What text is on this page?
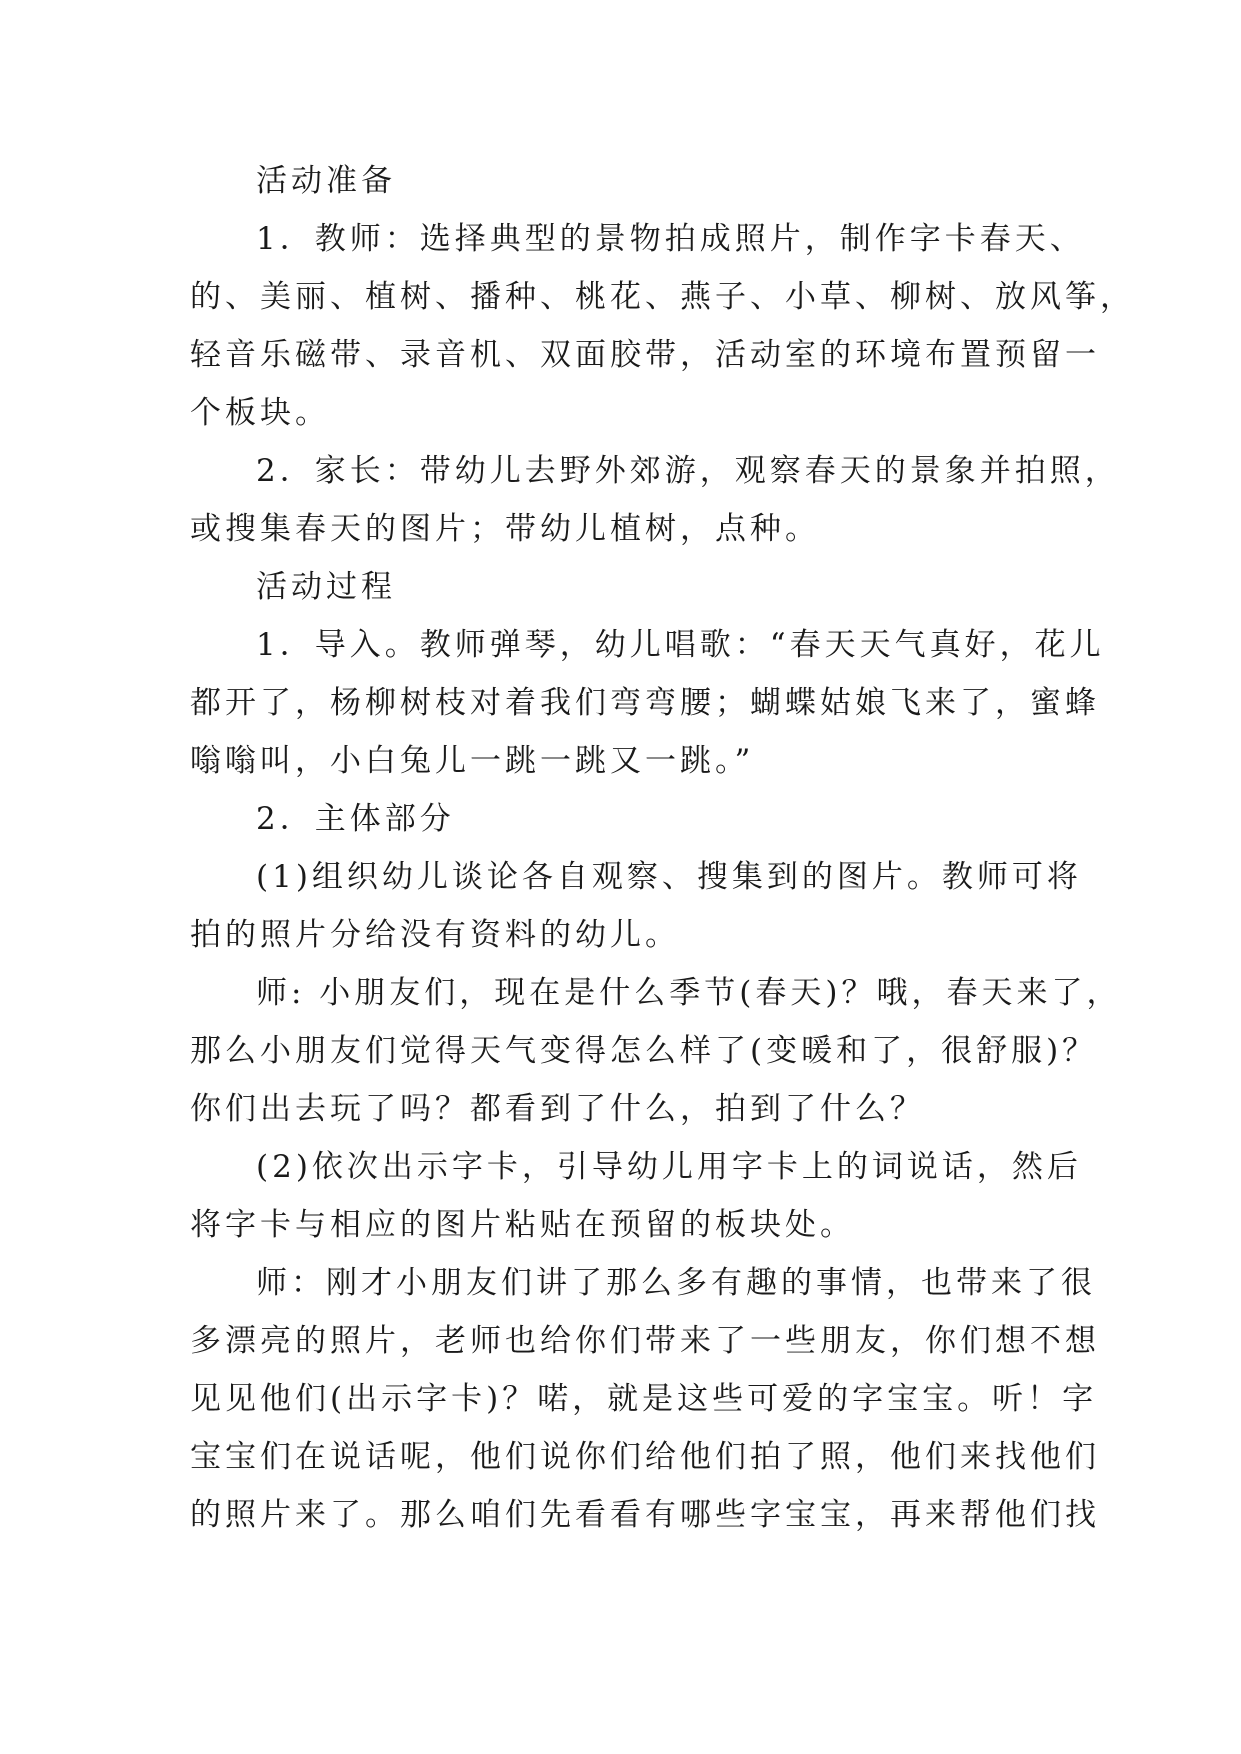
活动准备
1．教师：选择典型的景物拍成照片，制作字卡春天、
的、美丽、植树、播种、桃花、燕子、小草、柳树、放风筝，
轻音乐磁带、录音机、双面胶带，活动室的环境布置预留一
个板块。
2．家长：带幼儿去野外郊游，观察春天的景象并拍照，
或搜集春天的图片；带幼儿植树，点种。
活动过程
1．导入。教师弹琴，幼儿唱歌：“春天天气真好，花儿
都开了，杨柳树枝对着我们弯弯腰；蝴蝶姑娘飞来了，蜜蜂
嗡嗡叫，小白兔儿一跳一跳又一跳。”
2．主体部分
(1)组织幼儿谈论各自观察、搜集到的图片。教师可将
拍的照片分给没有资料的幼儿。
师: 小朋友们，现在是什么季节(春天)？哦，春天来了，
那么小朋友们觉得天气变得怎么样了(变暖和了，很舒服)？
你们出去玩了吗？都看到了什么，拍到了什么？
(2)依次出示字卡，引导幼儿用字卡上的词说话，然后
将字卡与相应的图片粘贴在预留的板块处。
师：刚才小朋友们讲了那么多有趣的事情，也带来了很
多漂亮的照片，老师也给你们带来了一些朋友，你们想不想
见见他们(出示字卡)？喏，就是这些可爱的字宝宝。听！字
宝宝们在说话呢，他们说你们给他们拍了照，他们来找他们
的照片来了。那么咱们先看看有哪些字宝宝，再来帮他们找
